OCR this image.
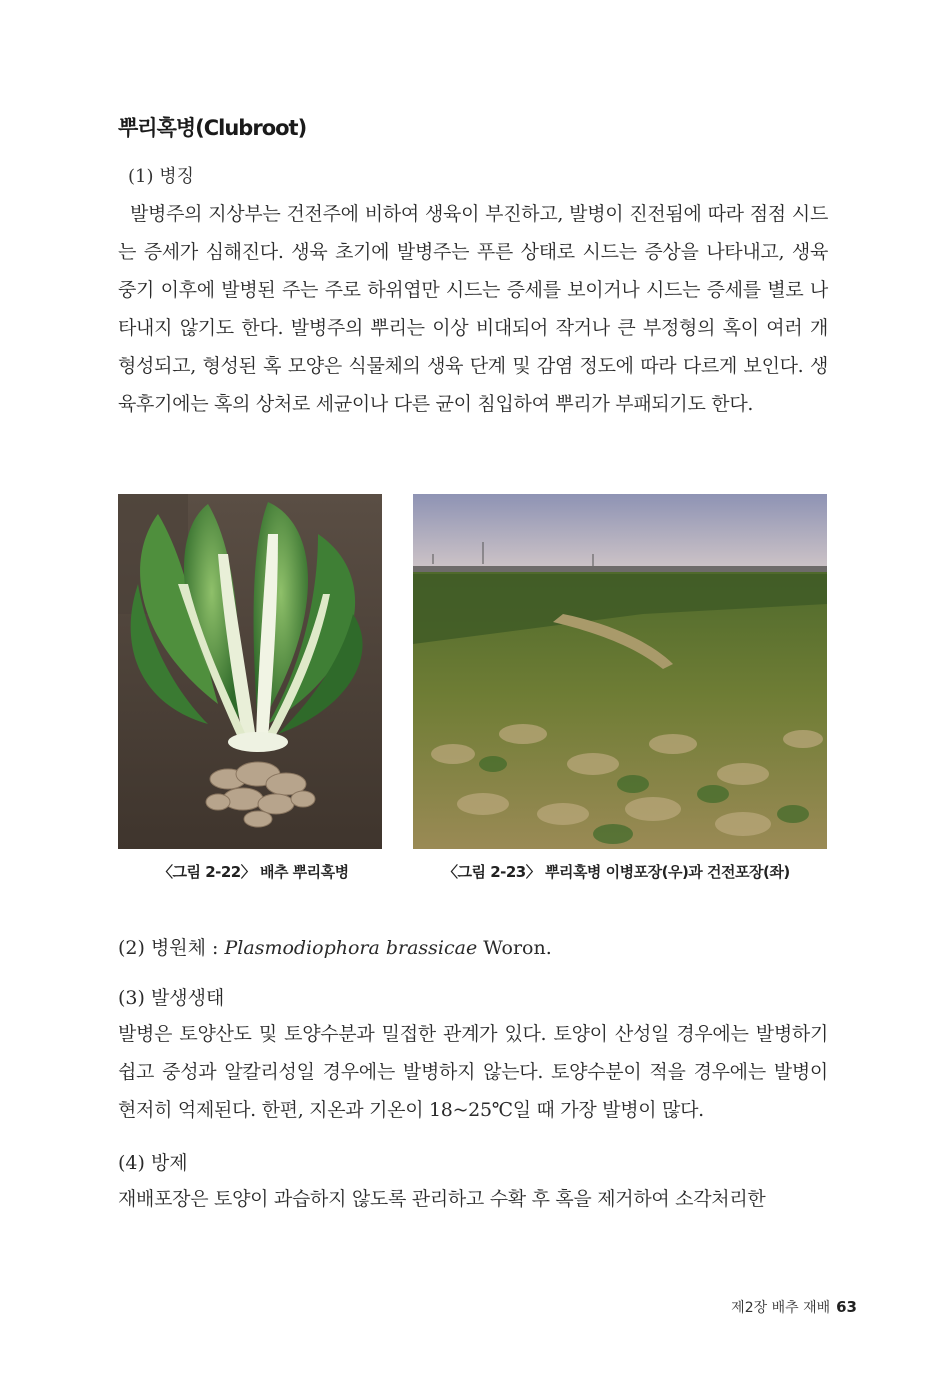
뿌리혹병(Clubroot)
(1) 병징
발병주의 지상부는 건전주에 비하여 생육이 부진하고, 발병이 진전됨에 따라 점점 시드는 증세가 심해진다. 생육 초기에 발병주는 푸른 상태로 시드는 증상을 나타내고, 생육 중기 이후에 발병된 주는 주로 하위엽만 시드는 증세를 보이거나 시드는 증세를 별로 나타내지 않기도 한다. 발병주의 뿌리는 이상 비대되어 작거나 큰 부정형의 혹이 여러 개 형성되고, 형성된 혹 모양은 식물체의 생육 단계 및 감염 정도에 따라 다르게 보인다. 생육후기에는 혹의 상처로 세균이나 다른 균이 침입하여 뿌리가 부패되기도 한다.
〈그림 2-22〉 배추 뿌리혹병	〈그림 2-23〉 뿌리혹병 이병포장(우)과 건전포장(좌)
(2) 병원체 : Plasmodiophora brassicae Woron.
(3) 발생생태
발병은 토양산도 및 토양수분과 밀접한 관계가 있다. 토양이 산성일 경우에는 발병하기 쉽고 중성과 알칼리성일 경우에는 발병하지 않는다. 토양수분이 적을 경우에는 발병이 현저히 억제된다. 한편, 지온과 기온이 18~25℃일 때 가장 발병이 많다.
(4) 방제
재배포장은 토양이 과습하지 않도록 관리하고 수확 후 혹을 제거하여 소각처리한
제2장 배추 재배 63
